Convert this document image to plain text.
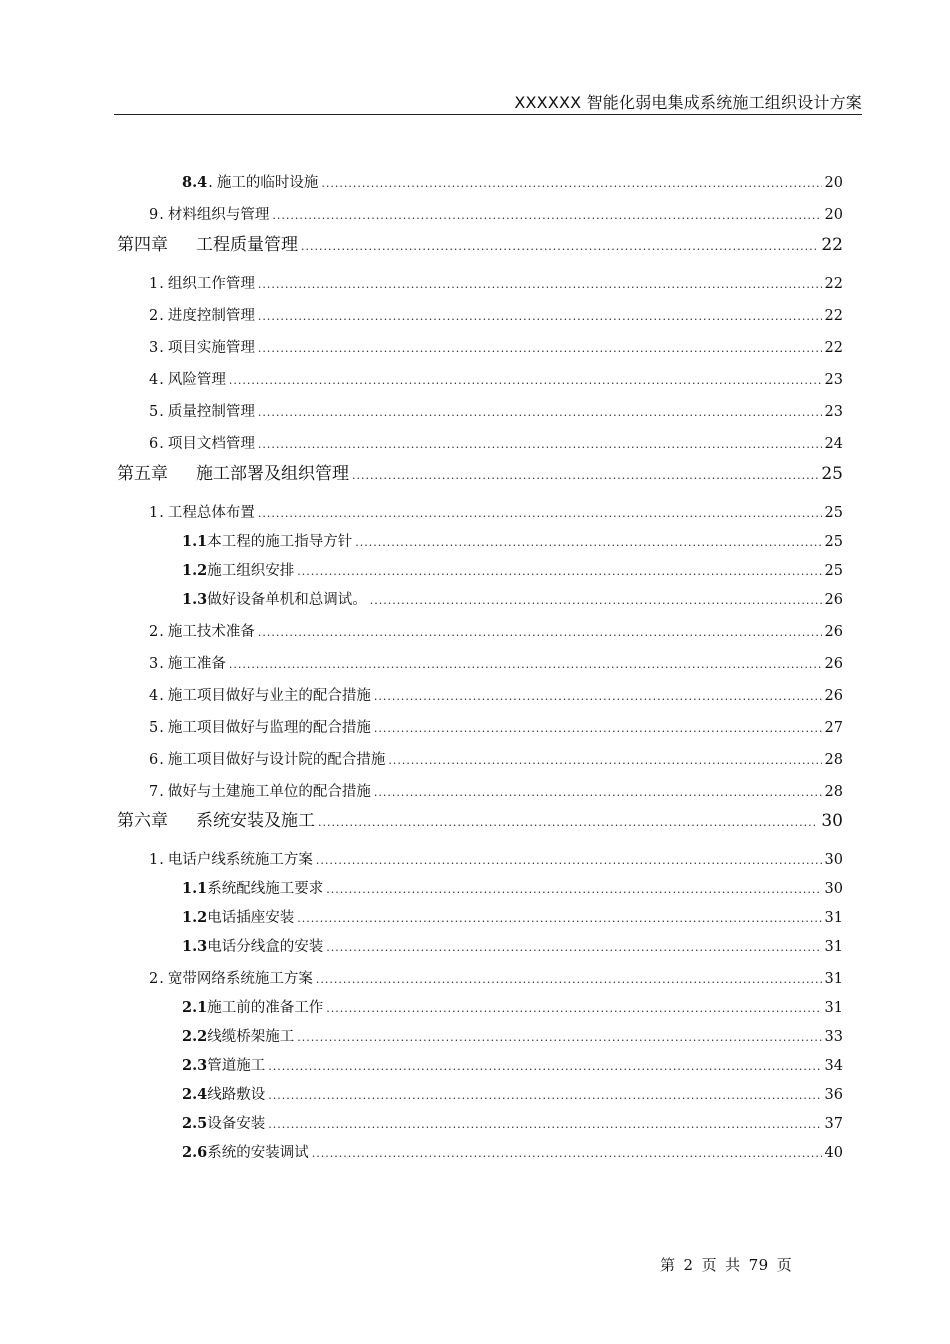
XXXXXX 智能化弱电集成系统施工组织设计方案
8.4. 施工的临时设施 .....	20
9. 材料组织与管理 .....	20
第四章 工程质量管理 .....	22
1. 组织工作管理 .....	22
2. 进度控制管理 .....	22
3. 项目实施管理 .....	22
4. 风险管理 .....	23
5. 质量控制管理 .....	23
6. 项目文档管理 .....	24
第五章 施工部署及组织管理 .....	25
1. 工程总体布置 .....	25
1.1本工程的施工指导方针 .....	25
1.2施工组织安排 .....	25
1.3做好设备单机和总调试。 .....	26
2. 施工技术准备 .....	26
3. 施工准备 .....	26
4. 施工项目做好与业主的配合措施 .....	26
5. 施工项目做好与监理的配合措施 .....	27
6. 施工项目做好与设计院的配合措施 .....	28
7. 做好与土建施工单位的配合措施 .....	28
第六章 系统安装及施工 .....	30
1. 电话户线系统施工方案 .....	30
1.1系统配线施工要求 .....	30
1.2电话插座安装 .....	31
1.3电话分线盒的安装 .....	31
2. 宽带网络系统施工方案 .....	31
2.1施工前的准备工作 .....	31
2.2线缆桥架施工 .....	33
2.3管道施工 .....	34
2.4线路敷设 .....	36
2.5设备安装 .....	37
2.6系统的安装调试 .....	40
第 2 页 共 79 页
